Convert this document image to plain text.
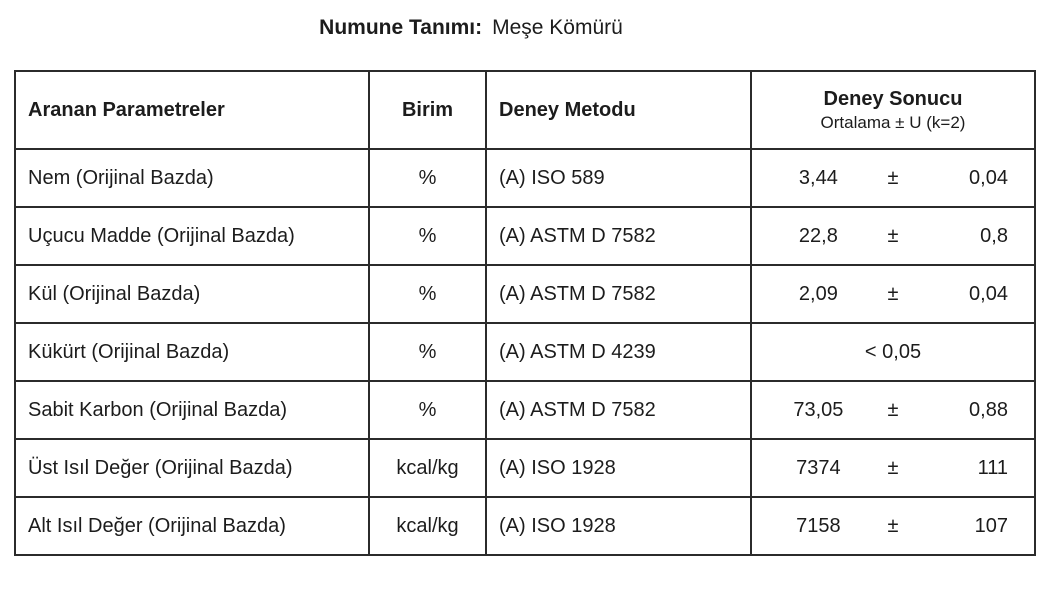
Numune Tanımı: Meşe Kömürü
Aranan Parametreler	Birim	Deney Metodu	Deney Sonucu
Ortalama ± U (k=2)

Nem (Orijinal Bazda)	%	(A) ISO 589	3,44 ± 0,04

Uçucu Madde (Orijinal Bazda)	%	(A) ASTM D 7582	22,8 ± 0,8

Kül (Orijinal Bazda)	%	(A) ASTM D 7582	2,09 ± 0,04

Kükürt (Orijinal Bazda)	%	(A) ASTM D 4239	< 0,05

Sabit Karbon (Orijinal Bazda)	%	(A) ASTM D 7582	73,05 ± 0,88

Üst Isıl Değer (Orijinal Bazda)	kcal/kg	(A) ISO 1928	7374 ± 111

Alt Isıl Değer (Orijinal Bazda)	kcal/kg	(A) ISO 1928	7158 ± 107
